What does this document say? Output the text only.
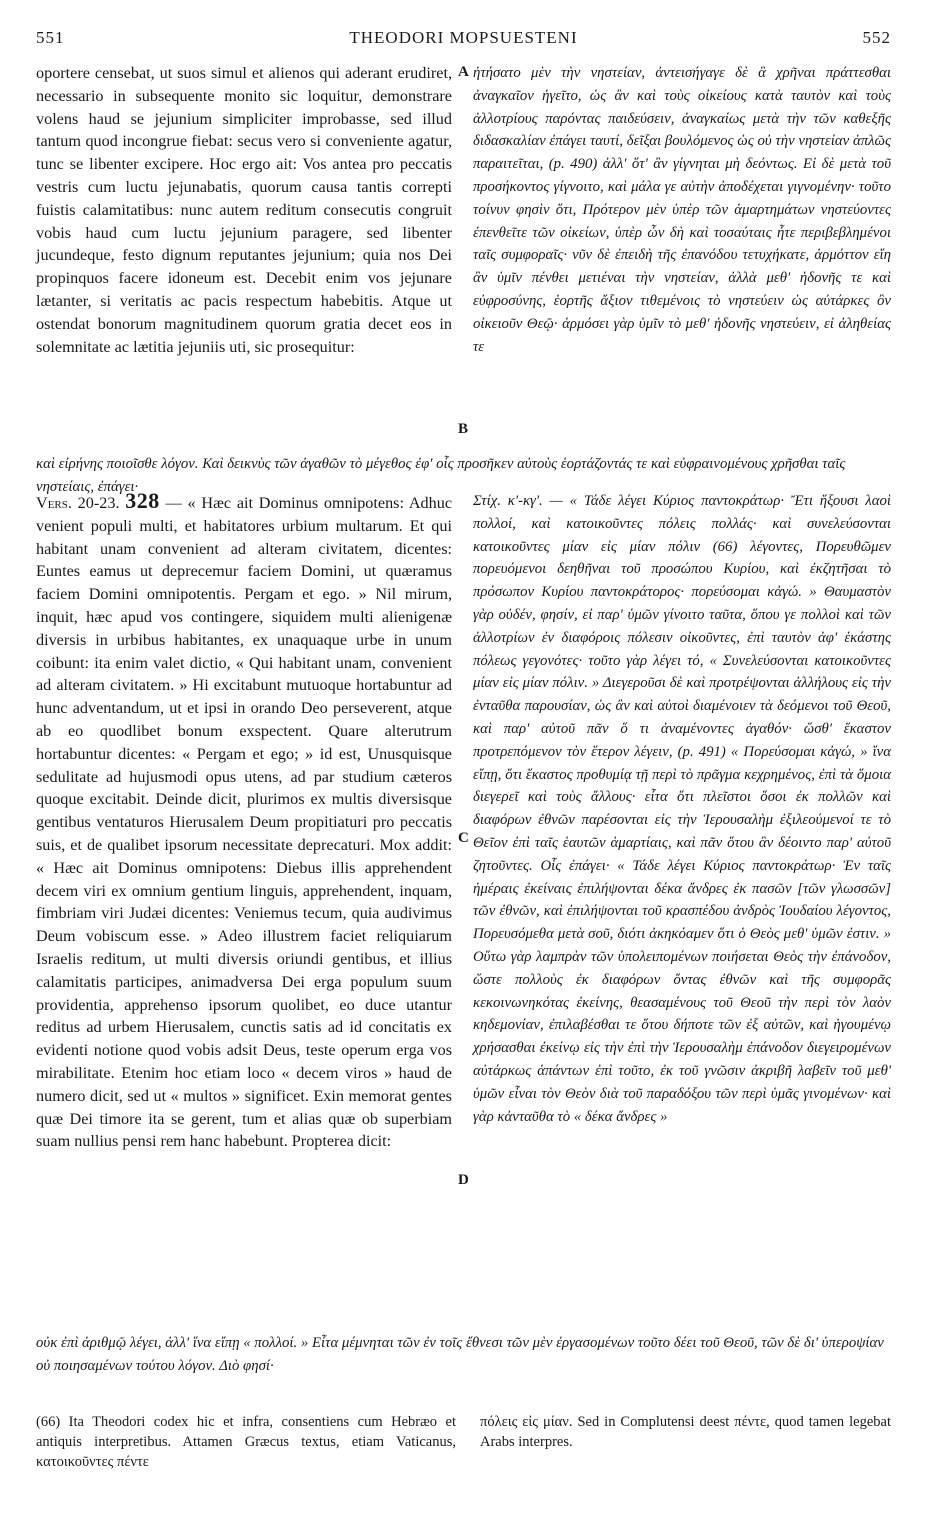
551	THEODORI MOPSUESTENI	552

oportere censebat, ut suos simul et alienos qui aderant erudiret, necessario in subsequente monito sic loquitur, demonstrare volens haud se jejunium simpliciter improbasse, sed illud tantum quod incongrue fiebat: secus vero si conveniente agatur, tunc se libenter excipere. Hoc ergo ait: Vos antea pro peccatis vestris cum luctu jejunabatis, quorum causa tantis correpti fuistis calamitatibus: nunc autem reditum consecutis congruit vobis haud cum luctu jejunium paragere, sed libenter jucundeque, festo dignum reputantes jejunium; quia nos Dei propinquos facere idoneum est. Decebit enim vos jejunare lætanter, si veritatis ac pacis respectum habebitis. Atque ut ostendat bonorum magnitudinem quorum gratia decet eos in solemnitate ac lætitia jejuniis uti, sic prosequitur:

ἠτήσατο μὲν τὴν νηστείαν, ἀντεισήγαγε δὲ ἃ χρῆναι πράττεσθαι ἀναγκαῖον ἡγεῖτο, ὡς ἂν καὶ τοὺς οἰκείους κατὰ ταυτὸν καὶ τοὺς ἀλλοτρίους παρόντας παιδεύσειν, ἀναγκαίως μετὰ τὴν τῶν καθεξῆς διδασκαλίαν ἐπάγει ταυτί, δεῖξαι βουλόμενος ὡς οὐ τὴν νηστείαν ἁπλῶς παραιτεῖται, (p. 490) ἀλλ' ὅτ' ἂν γίγνηται μὴ δεόντως. Εἰ δὲ μετὰ τοῦ προσήκοντος γίγνοιτο, καὶ μάλα γε αὐτὴν ἀποδέχεται γιγνομένην· τοῦτο τοίνυν φησὶν ὅτι, Πρότερον μὲν ὑπὲρ τῶν ἁμαρτημάτων νηστεύοντες ἐπενθεῖτε τῶν οἰκείων, ὑπὲρ ὧν δὴ καὶ τοσαύταις ἦτε περιβεβλημένοι ταῖς συμφοραῖς· νῦν δὲ ἐπειδὴ τῆς ἐπανόδου τετυχήκατε, ἁρμόττον εἴη ἂν ὑμῖν πένθει μετιέναι τὴν νηστείαν, ἀλλὰ μεθ' ἡδονῆς τε καὶ εὐφροσύνης, ἑορτῆς ἄξιον τιθεμένοις τὸ νηστεύειν ὡς αὐτάρκες ὂν οἰκειοῦν Θεῷ· ἁρμόσει γὰρ ὑμῖν τὸ μεθ' ἡδονῆς νηστεύειν, εἰ ἀληθείας τε

A
B
καὶ εἰρήνης ποιοῖσθε λόγον. Καὶ δεικνὺς τῶν ἀγαθῶν τὸ μέγεθος ἐφ' οἷς προσῆκεν αὐτοὺς ἑορτάζοντάς τε καὶ εὐφραινομένους χρῆσθαι ταῖς νηστείαις, ἐπάγει·

Vers. 20-23. 328 — « Hæc ait Dominus omnipotens: Adhuc venient populi multi, et habitatores urbium multarum. Et qui habitant unam convenient ad alteram civitatem, dicentes: Euntes eamus ut deprecemur faciem Domini, ut quæramus faciem Domini omnipotentis. Pergam et ego. » Nil mirum, inquit, hæc apud vos contingere, siquidem multi alienigenæ diversis in urbibus habitantes, ex unaquaque urbe in unum coibunt: ita enim valet dictio, « Qui habitant unam, convenient ad alteram civitatem. » Hi excitabunt mutuoque hortabuntur ad hunc adventandum, ut et ipsi in orando Deo perseverent, atque ab eo quodlibet bonum exspectent. Quare alterutrum hortabuntur dicentes: « Pergam et ego; » id est, Unusquisque sedulitate ad hujusmodi opus utens, ad par studium cæteros quoque excitabit. Deinde dicit, plurimos ex multis diversisque gentibus ventaturos Hierusalem Deum propitiaturi pro peccatis suis, et de qualibet ipsorum necessitate deprecaturi. Mox addit: « Hæc ait Dominus omnipotens: Diebus illis apprehendent decem viri ex omnium gentium linguis, apprehendent, inquam, fimbriam viri Judæi dicentes: Veniemus tecum, quia audivimus Deum vobiscum esse. » Adeo illustrem faciet reliquiarum Israelis reditum, ut multi diversis oriundi gentibus, et illius calamitatis participes, animadversa Dei erga populum suum providentia, apprehenso ipsorum quolibet, eo duce utantur reditus ad urbem Hierusalem, cunctis satis ad id concitatis ex evidenti notione quod vobis adsit Deus, teste operum erga vos mirabilitate. Etenim hoc etiam loco « decem viros » haud de numero dicit, sed ut « multos » significet. Exin memorat gentes quæ Dei timore ita se gerent, tum et alias quæ ob superbiam suam nullius pensi rem hanc habebunt. Propterea dicit:

Στίχ. κ'-κγ'. — « Τάδε λέγει Κύριος παντοκράτωρ· Ἔτι ἥξουσι λαοὶ πολλοί, καὶ κατοικοῦντες πόλεις πολλάς· καὶ συνελεύσονται κατοικοῦντες μίαν εἰς μίαν πόλιν (66) λέγοντες, Πορευθῶμεν πορευόμενοι δεηθῆναι τοῦ προσώπου Κυρίου, καὶ ἐκζητῆσαι τὸ πρόσωπον Κυρίου παντοκράτορος· πορεύσομαι κἀγώ. » Θαυμαστὸν γὰρ οὐδέν, φησίν, εἰ παρ' ὑμῶν γίνοιτο ταῦτα, ὅπου γε πολλοὶ καὶ τῶν ἀλλοτρίων ἐν διαφόροις πόλεσιν οἰκοῦντες, ἐπὶ ταυτὸν ἀφ' ἑκάστης πόλεως γεγονότες· τοῦτο γὰρ λέγει τό, « Συνελεύσονται κατοικοῦντες μίαν εἰς μίαν πόλιν. » Διεγεροῦσι δὲ καὶ προτρέψονται ἀλλήλους εἰς τὴν ἐνταῦθα παρουσίαν, ὡς ἂν καὶ αὐτοὶ διαμένοιεν τὰ δεόμενοι τοῦ Θεοῦ, καὶ παρ' αὐτοῦ πᾶν ὅ τι ἀναμένοντες ἀγαθόν· ὥσθ' ἕκαστον προτρεπόμενον τὸν ἕτερον λέγειν, (p. 491) « Πορεύσομαι κἀγώ, » ἵνα εἴπῃ, ὅτι ἕκαστος προθυμίᾳ τῇ περὶ τὸ πρᾶγμα κεχρημένος, ἐπὶ τὰ ὅμοια διεγερεῖ καὶ τοὺς ἄλλους· εἶτα ὅτι πλεῖστοι ὅσοι ἐκ πολλῶν καὶ διαφόρων ἐθνῶν παρέσονται εἰς τὴν Ἱερουσαλὴμ ἐξιλεούμενοί τε τὸ Θεῖον ἐπὶ ταῖς ἑαυτῶν ἁμαρτίαις, καὶ πᾶν ὅτου ἂν δέοιντο παρ' αὐτοῦ ζητοῦντες. Οἷς ἐπάγει· « Τάδε λέγει Κύριος παντοκράτωρ· Ἐν ταῖς ἡμέραις ἐκείναις ἐπιλήψονται δέκα ἄνδρες ἐκ πασῶν [τῶν γλωσσῶν] τῶν ἐθνῶν, καὶ ἐπιλήψονται τοῦ κρασπέδου ἀνδρὸς Ἰουδαίου λέγοντος, Πορευσόμεθα μετὰ σοῦ, διότι ἀκηκόαμεν ὅτι ὁ Θεὸς μεθ' ὑμῶν ἐστιν. » Οὕτω γὰρ λαμπρὰν τῶν ὑπολειπομένων ποιήσεται Θεὸς τὴν ἐπάνοδον, ὥστε πολλοὺς ἐκ διαφόρων ὄντας ἐθνῶν καὶ τῆς συμφορᾶς κεκοινωνηκότας ἐκείνης, θεασαμένους τοῦ Θεοῦ τὴν περὶ τὸν λαὸν κηδεμονίαν, ἐπιλαβέσθαι τε ὅτου δήποτε τῶν ἐξ αὐτῶν, καὶ ἡγουμένῳ χρήσασθαι ἐκείνῳ εἰς τὴν ἐπὶ τὴν Ἱερουσαλὴμ ἐπάνοδον διεγειρομένων αὐτάρκως ἁπάντων ἐπὶ τοῦτο, ἐκ τοῦ γνῶσιν ἀκριβῆ λαβεῖν τοῦ μεθ' ὑμῶν εἶναι τὸν Θεὸν διὰ τοῦ παραδόξου τῶν περὶ ὑμᾶς γινομένων· καὶ γὰρ κἀνταῦθα τὸ « δέκα ἄνδρες »

C
D
οὐκ ἐπὶ ἀριθμῷ λέγει, ἀλλ' ἵνα εἴπῃ « πολλοί. » Εἶτα μέμνηται τῶν ἐν τοῖς ἔθνεσι τῶν μὲν ἐργασομένων τοῦτο δέει τοῦ Θεοῦ, τῶν δὲ δι' ὑπεροψίαν οὐ ποιησαμένων τούτου λόγον. Διὸ φησί·
(66) Ita Theodori codex hic et infra, consentiens cum Hebræo et antiquis interpretibus. Attamen Græcus textus, etiam Vaticanus, κατοικοῦντες πέντε
πόλεις εἰς μίαν. Sed in Complutensi deest πέντε, quod tamen legebat Arabs interpres.
